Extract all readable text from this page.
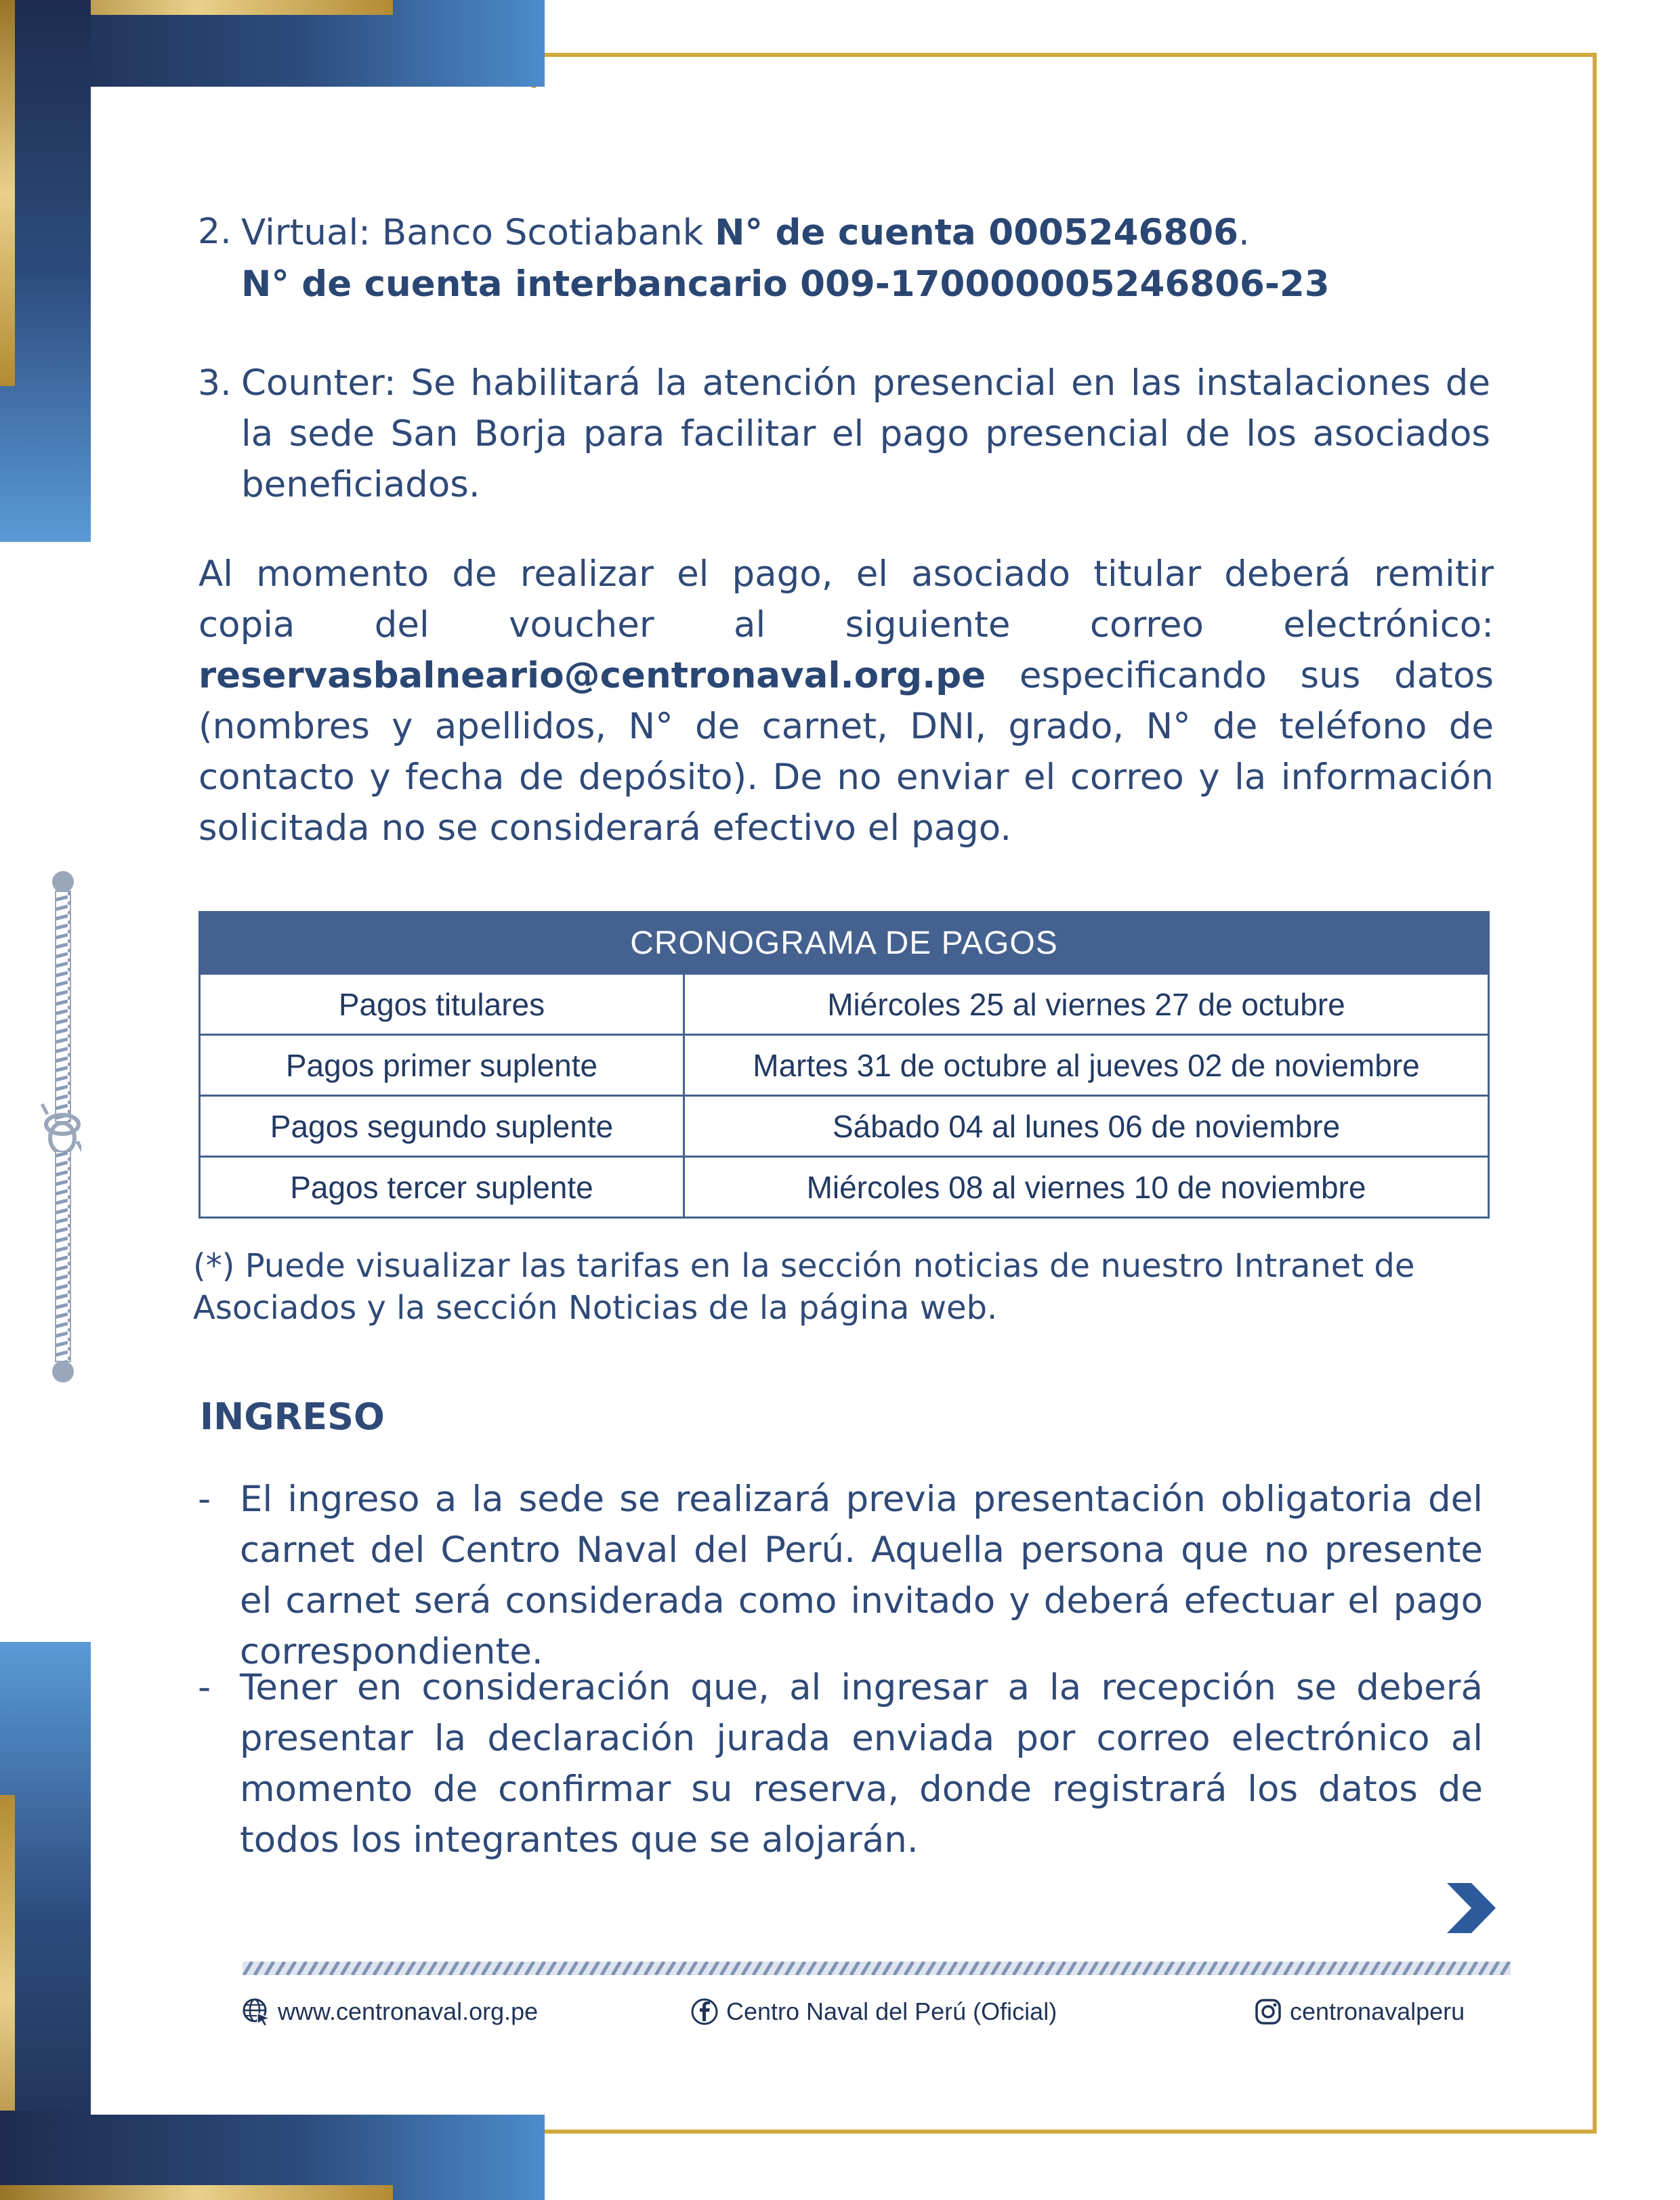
2. Virtual: Banco Scotiabank N° de cuenta 0005246806.
N° de cuenta interbancario 009-170000005246806-23
3. Counter: Se habilitará la atención presencial en las instalaciones de la sede San Borja para facilitar el pago presencial de los asociados beneficiados.
Al momento de realizar el pago, el asociado titular deberá remitir
copia del voucher al siguiente correo electrónico:
reservasbalneario@centronaval.org.pe especificando sus datos (nombres y apellidos, N° de carnet, DNI, grado, N° de teléfono de contacto y fecha de depósito). De no enviar el correo y la información solicitada no se considerará efectivo el pago.
CRONOGRAMA DE PAGOS	
Pagos titulares	Miércoles 25 al viernes 27 de octubre
Pagos primer suplente	Martes 31 de octubre al jueves 02 de noviembre
Pagos segundo suplente	Sábado 04 al lunes 06 de noviembre
Pagos tercer suplente	Miércoles 08 al viernes 10 de noviembre
(*) Puede visualizar las tarifas en la sección noticias de nuestro Intranet de Asociados y la sección Noticias de la página web.
INGRESO
- El ingreso a la sede se realizará previa presentación obligatoria del carnet del Centro Naval del Perú. Aquella persona que no presente el carnet será considerada como invitado y deberá efectuar el pago correspondiente.
- Tener en consideración que, al ingresar a la recepción se deberá presentar la declaración jurada enviada por correo electrónico al momento de confirmar su reserva, donde registrará los datos de todos los integrantes que se alojarán.
www.centronaval.org.pe	Centro Naval del Perú (Oficial)	centronavalperu
